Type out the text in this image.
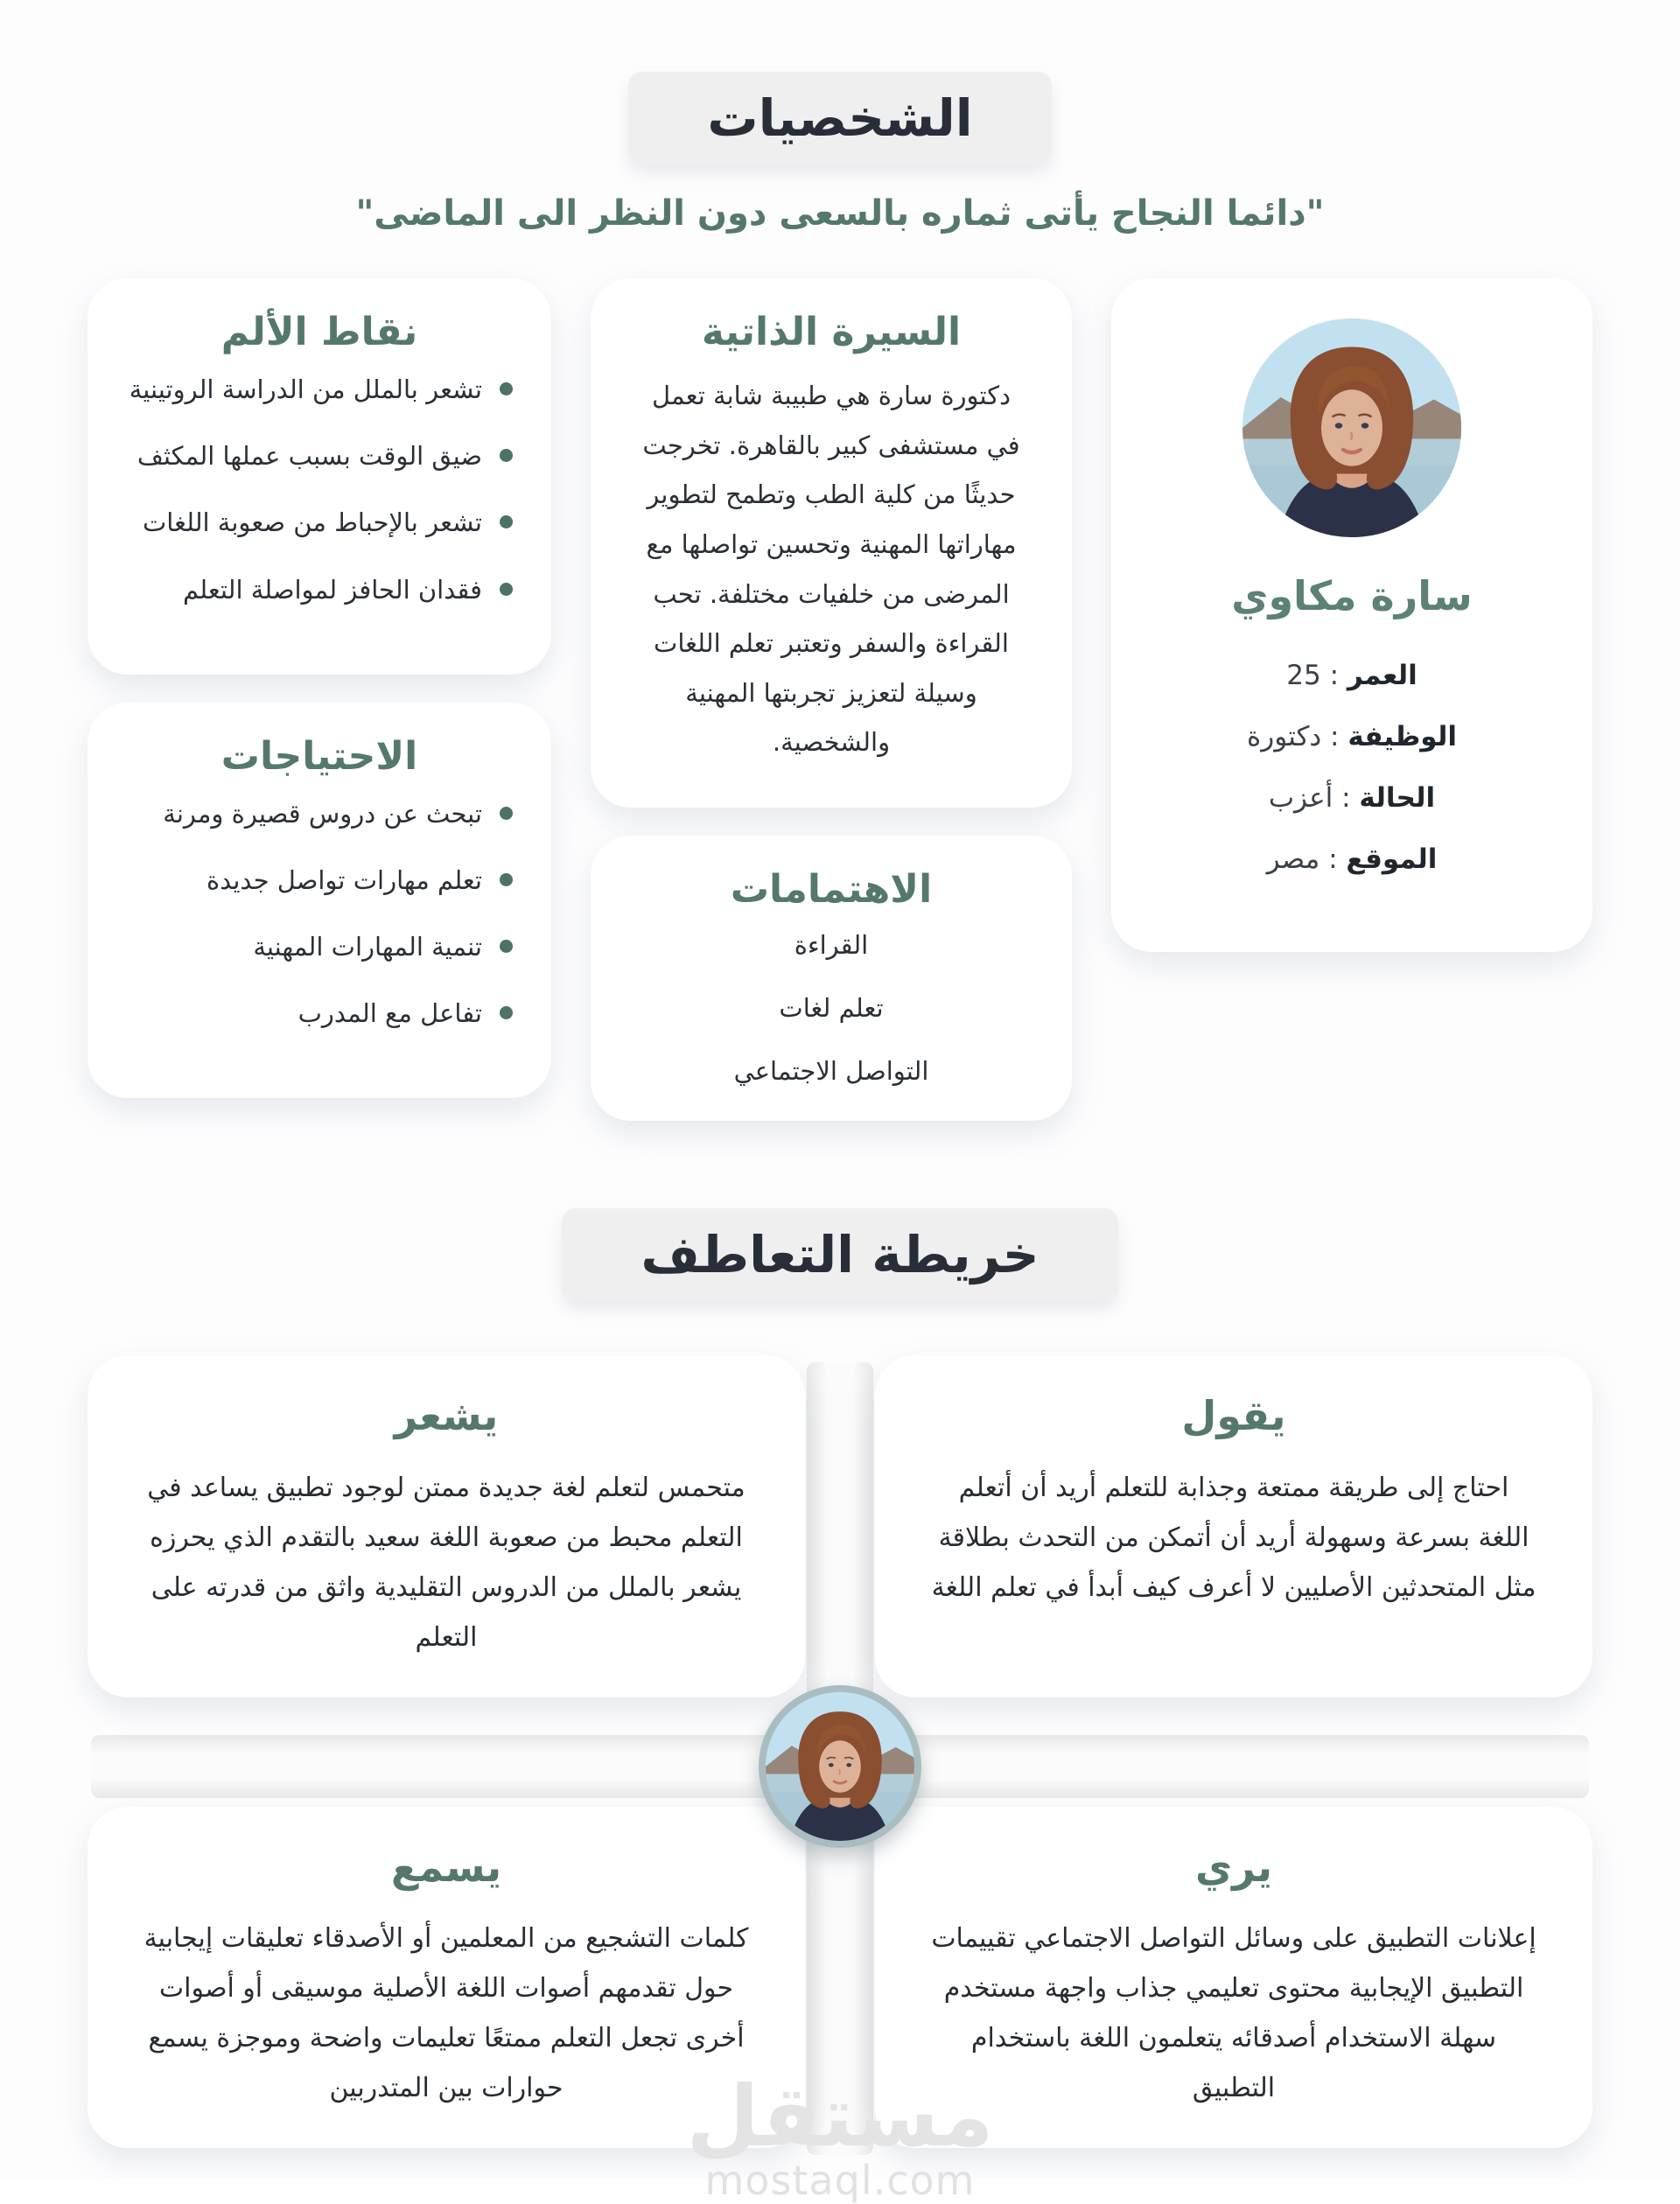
الشخصيات
"دائما النجاح يأتى ثماره بالسعى دون النظر الى الماضى"
سارة مكاوي
العمر : 25
الوظيفة : دكتورة
الحالة : أعزب
الموقع : مصر
السيرة الذاتية
دكتورة سارة هي طبيبة شابة تعمل في مستشفى كبير بالقاهرة. تخرجت حديثًا من كلية الطب وتطمح لتطوير مهاراتها المهنية وتحسين تواصلها مع المرضى من خلفيات مختلفة. تحب القراءة والسفر وتعتبر تعلم اللغات وسيلة لتعزيز تجربتها المهنية والشخصية.
الاهتمامات
القراءة
تعلم لغات
التواصل الاجتماعي
نقاط الألم
تشعر بالملل من الدراسة الروتينية
ضيق الوقت بسبب عملها المكثف
تشعر بالإحباط من صعوبة اللغات
فقدان الحافز لمواصلة التعلم
الاحتياجات
تبحث عن دروس قصيرة ومرنة
تعلم مهارات تواصل جديدة
تنمية المهارات المهنية
تفاعل مع المدرب
خريطة التعاطف
يقول
احتاج إلى طريقة ممتعة وجذابة للتعلم أريد أن أتعلم اللغة بسرعة وسهولة أريد أن أتمكن من التحدث بطلاقة مثل المتحدثين الأصليين لا أعرف كيف أبدأ في تعلم اللغة
يشعر
متحمس لتعلم لغة جديدة ممتن لوجود تطبيق يساعد في التعلم محبط من صعوبة اللغة سعيد بالتقدم الذي يحرزه يشعر بالملل من الدروس التقليدية واثق من قدرته على التعلم
يري
إعلانات التطبيق على وسائل التواصل الاجتماعي تقييمات التطبيق الإيجابية محتوى تعليمي جذاب واجهة مستخدم سهلة الاستخدام أصدقائه يتعلمون اللغة باستخدام التطبيق
يسمع
كلمات التشجيع من المعلمين أو الأصدقاء تعليقات إيجابية حول تقدمهم أصوات اللغة الأصلية موسيقى أو أصوات أخرى تجعل التعلم ممتعًا تعليمات واضحة وموجزة يسمع حوارات بين المتدربين	مستقل
mostaql.com
